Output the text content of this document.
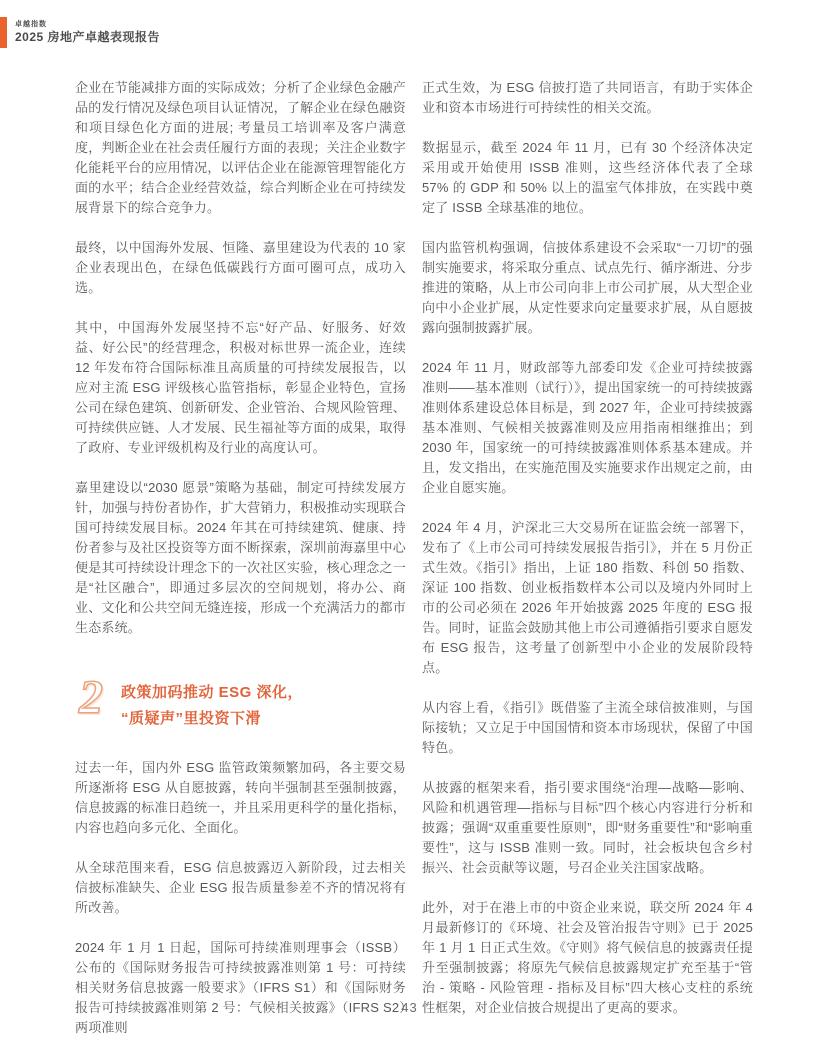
卓越指数
2025 房地产卓越表现报告

企业在节能减排方面的实际成效；分析了企业绿色金融产品的发行情况及绿色项目认证情况，了解企业在绿色融资和项目绿色化方面的进展; 考量员工培训率及客户满意度，判断企业在社会责任履行方面的表现；关注企业数字化能耗平台的应用情况，以评估企业在能源管理智能化方面的水平；结合企业经营效益，综合判断企业在可持续发展背景下的综合竞争力。

最终，以中国海外发展、恒隆、嘉里建设为代表的 10 家企业表现出色，在绿色低碳践行方面可圈可点，成功入选。

其中，中国海外发展坚持不忘“好产品、好服务、好效益、好公民”的经营理念，积极对标世界一流企业，连续 12 年发布符合国际标准且高质量的可持续发展报告，以应对主流 ESG 评级核心监管指标，彰显企业特色，宣扬公司在绿色建筑、创新研发、企业管治、合规风险管理、可持续供应链、人才发展、民生福祉等方面的成果，取得了政府、专业评级机构及行业的高度认可。

嘉里建设以“2030 愿景”策略为基础，制定可持续发展方针，加强与持份者协作，扩大营销力，积极推动实现联合国可持续发展目标。2024 年其在可持续建筑、健康、持份者参与及社区投资等方面不断探索，深圳前海嘉里中心便是其可持续设计理念下的一次社区实验，核心理念之一是“社区融合”，即通过多层次的空间规划，将办公、商业、文化和公共空间无缝连接，形成一个充满活力的都市生态系统。

2 政策加码推动 ESG 深化，
“质疑声”里投资下滑

过去一年，国内外 ESG 监管政策频繁加码，各主要交易所逐渐将 ESG 从自愿披露，转向半强制甚至强制披露，信息披露的标准日趋统一，并且采用更科学的量化指标，内容也趋向多元化、全面化。

从全球范围来看，ESG 信息披露迈入新阶段，过去相关信披标准缺失、企业 ESG 报告质量参差不齐的情况将有所改善。

2024 年 1 月 1 日起，国际可持续准则理事会（ISSB）公布的《国际财务报告可持续披露准则第 1 号：可持续相关财务信息披露一般要求》（IFRS S1）和《国际财务报告可持续披露准则第 2 号：气候相关披露》（IFRS S2）两项准则

正式生效，为 ESG 信披打造了共同语言，有助于实体企业和资本市场进行可持续性的相关交流。

数据显示，截至 2024 年 11 月，已有 30 个经济体决定采用或开始使用 ISSB 准则，这些经济体代表了全球 57% 的 GDP 和 50% 以上的温室气体排放，在实践中奠定了 ISSB 全球基准的地位。

国内监管机构强调，信披体系建设不会采取“一刀切”的强制实施要求，将采取分重点、试点先行、循序渐进、分步推进的策略，从上市公司向非上市公司扩展，从大型企业向中小企业扩展，从定性要求向定量要求扩展，从自愿披露向强制披露扩展。

2024 年 11 月，财政部等九部委印发《企业可持续披露准则——基本准则（试行）》，提出国家统一的可持续披露准则体系建设总体目标是，到 2027 年，企业可持续披露基本准则、气候相关披露准则及应用指南相继推出；到 2030 年，国家统一的可持续披露准则体系基本建成。并且，发文指出，在实施范围及实施要求作出规定之前，由企业自愿实施。

2024 年 4 月，沪深北三大交易所在证监会统一部署下，发布了《上市公司可持续发展报告指引》，并在 5 月份正式生效。《指引》指出，上证 180 指数、科创 50 指数、深证 100 指数、创业板指数样本公司以及境内外同时上市的公司必须在 2026 年开始披露 2025 年度的 ESG 报告。同时，证监会鼓励其他上市公司遵循指引要求自愿发布 ESG 报告，这考量了创新型中小企业的发展阶段特点。

从内容上看，《指引》既借鉴了主流全球信披准则，与国际接轨；又立足于中国国情和资本市场现状，保留了中国特色。

从披露的框架来看，指引要求围绕“治理—战略—影响、风险和机遇管理—指标与目标”四个核心内容进行分析和披露；强调“双重重要性原则”，即“财务重要性”和“影响重要性”，这与 ISSB 准则一致。同时，社会板块包含乡村振兴、社会贡献等议题，号召企业关注国家战略。

此外，对于在港上市的中资企业来说，联交所 2024 年 4 月最新修订的《环境、社会及管治报告守则》已于 2025 年 1 月 1 日正式生效。《守则》将气候信息的披露责任提升至强制披露；将原先气候信息披露规定扩充至基于“管治 - 策略 - 风险管理 - 指标及目标”四大核心支柱的系统性框架，对企业信披合规提出了更高的要求。

43
